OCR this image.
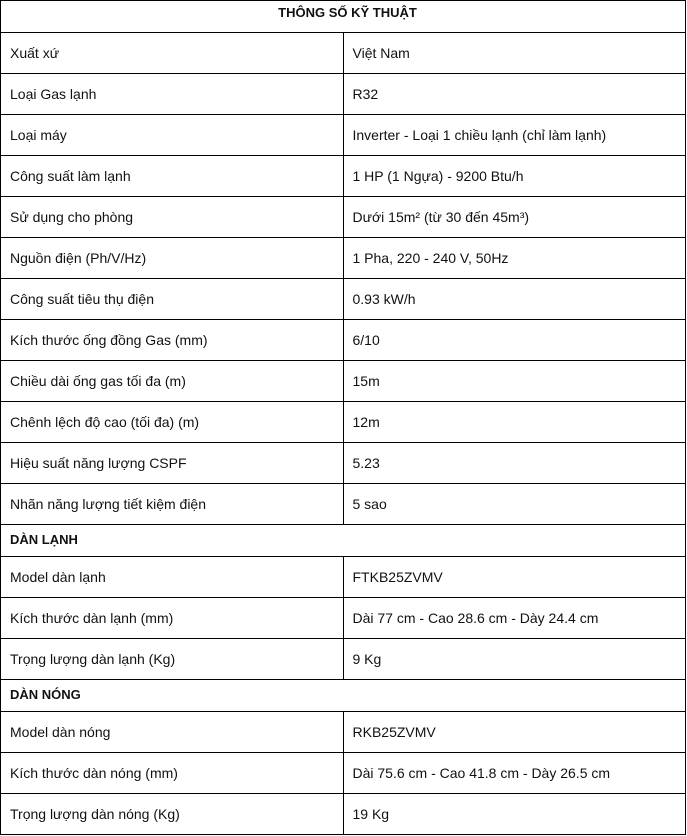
THÔNG SỐ KỸ THUẬT	
Xuất xứ	Việt Nam
Loại Gas lạnh	R32
Loại máy	Inverter - Loại 1 chiều lạnh (chỉ làm lạnh)
Công suất làm lạnh	1 HP (1 Ngựa) - 9200 Btu/h
Sử dụng cho phòng	Dưới 15m² (từ 30 đến 45m³)
Nguồn điện (Ph/V/Hz)	1 Pha, 220 - 240 V, 50Hz
Công suất tiêu thụ điện	0.93 kW/h
Kích thước ống đồng Gas (mm)	6/10
Chiều dài ống gas tối đa (m)	15m
Chênh lệch độ cao (tối đa) (m)	12m
Hiệu suất năng lượng CSPF	5.23
Nhãn năng lượng tiết kiệm điện	5 sao
DÀN LẠNH	
Model dàn lạnh	FTKB25ZVMV
Kích thước dàn lạnh (mm)	Dài 77 cm - Cao 28.6 cm - Dày 24.4 cm
Trọng lượng dàn lạnh (Kg)	9 Kg
DÀN NÓNG	
Model dàn nóng	RKB25ZVMV
Kích thước dàn nóng (mm)	Dài 75.6 cm - Cao 41.8 cm - Dày 26.5 cm
Trọng lượng dàn nóng (Kg)	19 Kg
